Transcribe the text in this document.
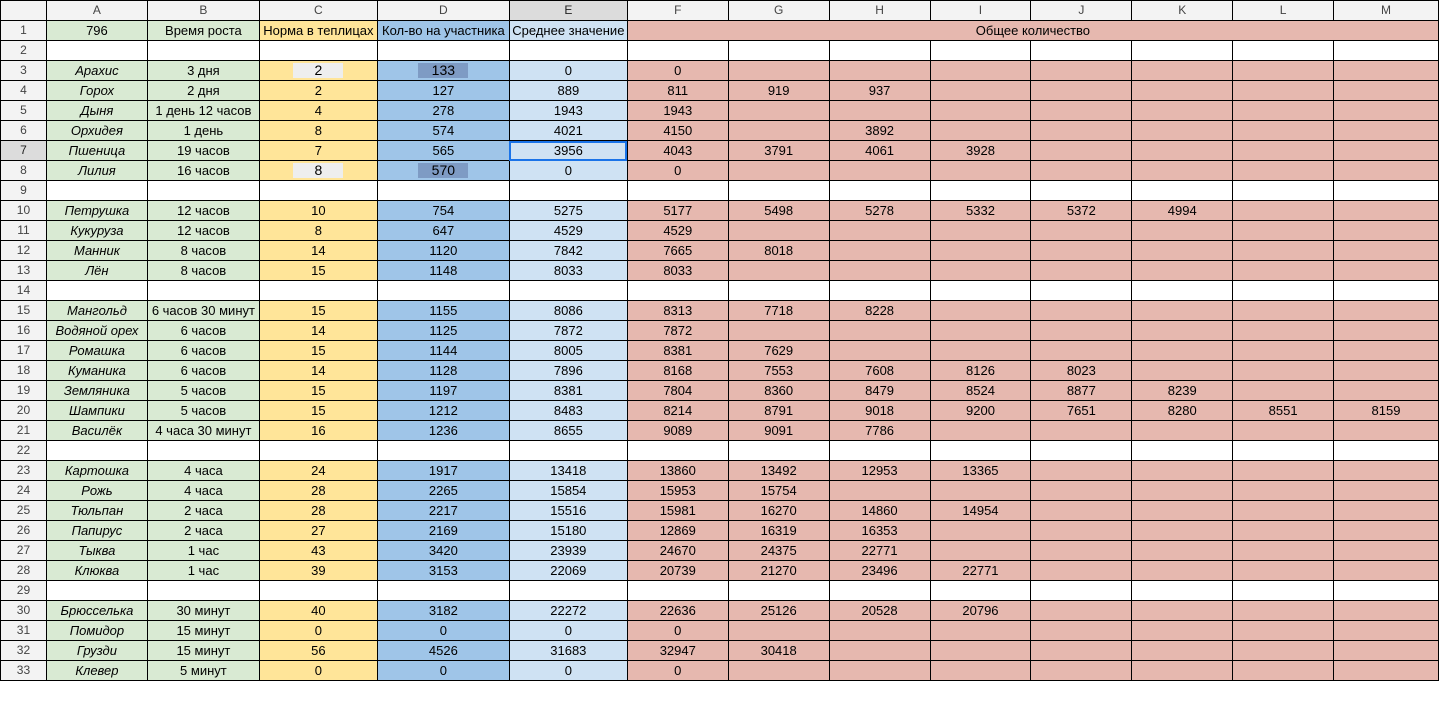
	A	B	C	D	E	F	G	H	I	J	K	L	M
1	796	Время роста	Норма в теплицах	Кол-во на участника	Среднее значение	Общее количество							
2													
3	Арахис	3 дня	2	133	0	0							
4	Горох	2 дня	2	127	889	811	919	937					
5	Дыня	1 день 12 часов	4	278	1943	1943							
6	Орхидея	1 день	8	574	4021	4150		3892					
7	Пшеница	19 часов	7	565	3956	4043	3791	4061	3928				
8	Лилия	16 часов	8	570	0	0							
9													
10	Петрушка	12 часов	10	754	5275	5177	5498	5278	5332	5372	4994		
11	Кукуруза	12 часов	8	647	4529	4529							
12	Манник	8 часов	14	1120	7842	7665	8018						
13	Лён	8 часов	15	1148	8033	8033							
14													
15	Мангольд	6 часов 30 минут	15	1155	8086	8313	7718	8228					
16	Водяной орех	6 часов	14	1125	7872	7872							
17	Ромашка	6 часов	15	1144	8005	8381	7629						
18	Куманика	6 часов	14	1128	7896	8168	7553	7608	8126	8023			
19	Земляника	5 часов	15	1197	8381	7804	8360	8479	8524	8877	8239		
20	Шампики	5 часов	15	1212	8483	8214	8791	9018	9200	7651	8280	8551	8159
21	Василёк	4 часа 30 минут	16	1236	8655	9089	9091	7786					
22													
23	Картошка	4 часа	24	1917	13418	13860	13492	12953	13365				
24	Рожь	4 часа	28	2265	15854	15953	15754						
25	Тюльпан	2 часа	28	2217	15516	15981	16270	14860	14954				
26	Папирус	2 часа	27	2169	15180	12869	16319	16353					
27	Тыква	1 час	43	3420	23939	24670	24375	22771					
28	Клюква	1 час	39	3153	22069	20739	21270	23496	22771				
29													
30	Брюсселька	30 минут	40	3182	22272	22636	25126	20528	20796				
31	Помидор	15 минут	0	0	0	0							
32	Грузди	15 минут	56	4526	31683	32947	30418						
33	Клевер	5 минут	0	0	0	0							
